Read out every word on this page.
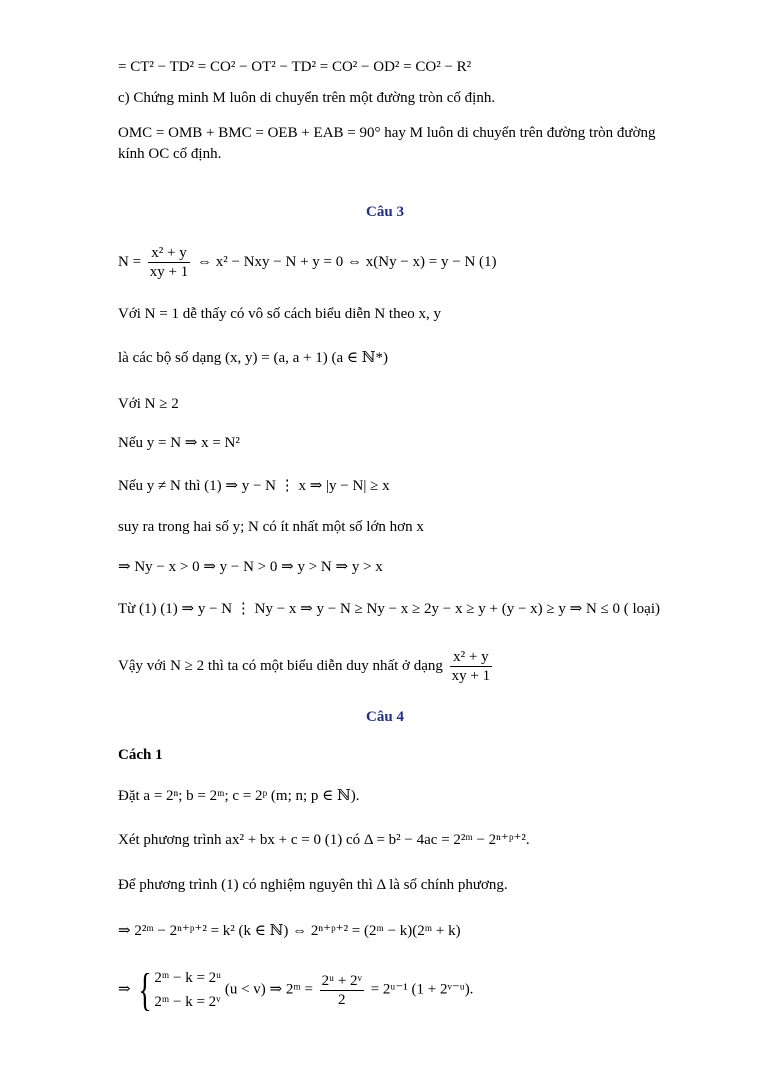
= CT² − TD² = CO² − OT² − TD² = CO² − OD² = CO² − R²
c) Chứng minh M luôn di chuyển trên một đường tròn cố định.
OMC = OMB + BMC = OEB + EAB = 90° hay M luôn di chuyển trên đường tròn đường
kính OC cố định.
Câu 3
$N = \frac{\text{x² + y}}{xy + 1}$ ⇔ x² − Nxy − N + y = 0 ⇔ x(Ny − x) = y − N (1)
Với N = 1 dễ thấy có vô số cách biểu diễn N theo x, y
là các bộ số dạng (x, y) = (a, a + 1) (a ∈ ℕ*)
Với N ≥ 2
Nếu y = N ⇒ x = N²
Nếu y ≠ N thì (1) ⇒ y − N ⋮ x ⇒ |y − N| ≥ x
suy ra trong hai số y; N có ít nhất một số lớn hơn x
⇒ Ny − x > 0 ⇒ y − N > 0 ⇒ y > N ⇒ y > x
Từ (1) (1) ⇒ y − N ⋮ Ny − x ⇒ y − N ≥ Ny − x ≥ 2y − x ≥ y + (y − x) ≥ y ⇒ N ≤ 0 ( loại)
Vậy với N ≥ 2 thì ta có một biểu diễn duy nhất ở dạng $\frac{\text{x² + y}}{xy + 1}$
Câu 4
Cách 1
Đặt a = 2ⁿ; b = 2ᵐ; c = 2ᵖ (m; n; p ∈ ℕ).
Xét phương trình ax² + bx + c = 0 (1) có Δ = b² − 4ac = 2²ᵐ − 2ⁿ⁺ᵖ⁺².
Để phương trình (1) có nghiệm nguyên thì Δ là số chính phương.
⇒ 2²ᵐ − 2ⁿ⁺ᵖ⁺² = k² (k ∈ ℕ) ⇔ 2ⁿ⁺ᵖ⁺² = (2ᵐ − k)(2ᵐ + k)
⇒ { 2ᵐ − k = 2ᵘ
2ᵐ − k = 2ᵛ
(u < v) ⇒ 2ᵐ = $\frac{\text{2ᵘ + 2ᵛ}}{2}$ = 2ᵘ⁻¹ (1 + 2ᵛ⁻ᵘ).
